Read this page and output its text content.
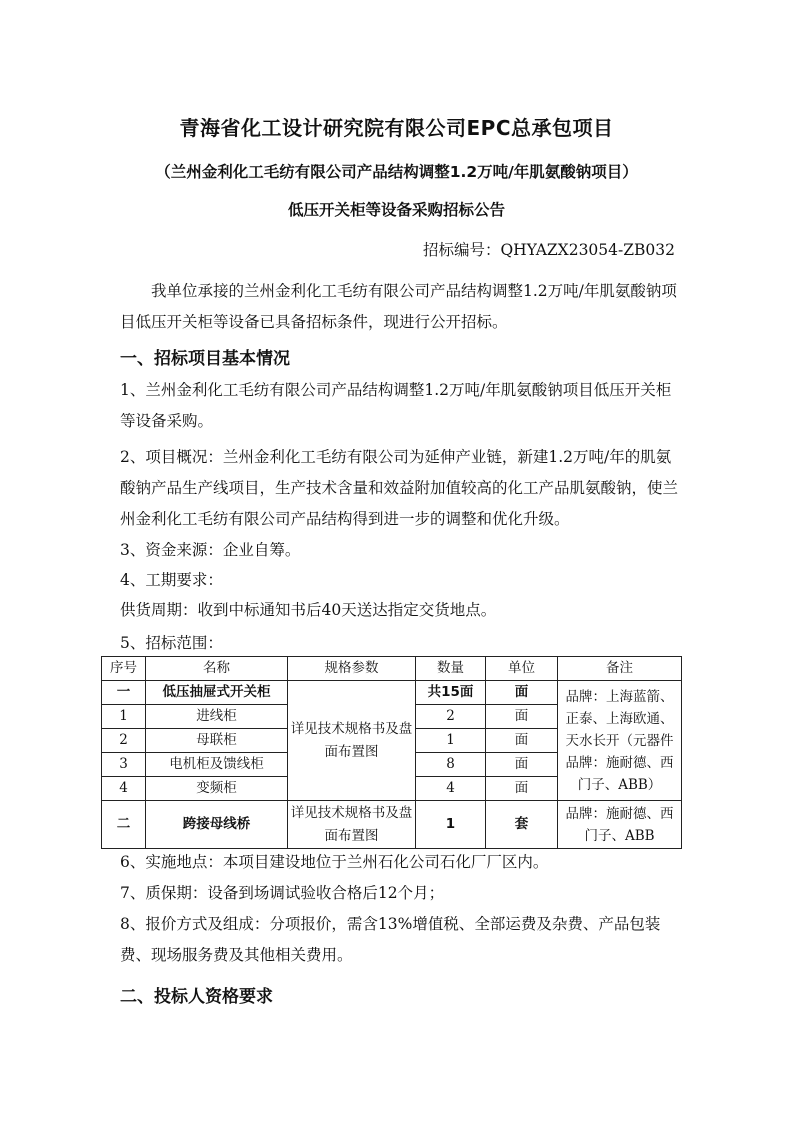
青海省化工设计研究院有限公司EPC总承包项目
（兰州金利化工毛纺有限公司产品结构调整1.2万吨/年肌氨酸钠项目）
低压开关柜等设备采购招标公告
招标编号：QHYAZX23054-ZB032

我单位承接的兰州金利化工毛纺有限公司产品结构调整1.2万吨/年肌氨酸钠项目低压开关柜等设备已具备招标条件，现进行公开招标。

一、招标项目基本情况

1、兰州金利化工毛纺有限公司产品结构调整1.2万吨/年肌氨酸钠项目低压开关柜等设备采购。

2、项目概况：兰州金利化工毛纺有限公司为延伸产业链，新建1.2万吨/年的肌氨酸钠产品生产线项目，生产技术含量和效益附加值较高的化工产品肌氨酸钠，使兰州金利化工毛纺有限公司产品结构得到进一步的调整和优化升级。

3、资金来源：企业自筹。

4、工期要求：

供货周期：收到中标通知书后40天送达指定交货地点。

5、招标范围：

序号	名称	规格参数	数量	单位	备注
一	低压抽屉式开关柜	详见技术规格书及盘面布置图	共15面	面	品牌：上海蓝箭、正泰、上海欧通、天水长开（元器件品牌：施耐德、西门子、ABB）
1	进线柜		2	面	
2	母联柜		1	面	
3	电机柜及馈线柜		8	面	
4	变频柜		4	面	
二	跨接母线桥	详见技术规格书及盘面布置图	1	套	品牌：施耐德、西门子、ABB

6、实施地点：本项目建设地位于兰州石化公司石化厂厂区内。

7、质保期：设备到场调试验收合格后12个月；

8、报价方式及组成：分项报价，需含13%增值税、全部运费及杂费、产品包装费、现场服务费及其他相关费用。

二、投标人资格要求
